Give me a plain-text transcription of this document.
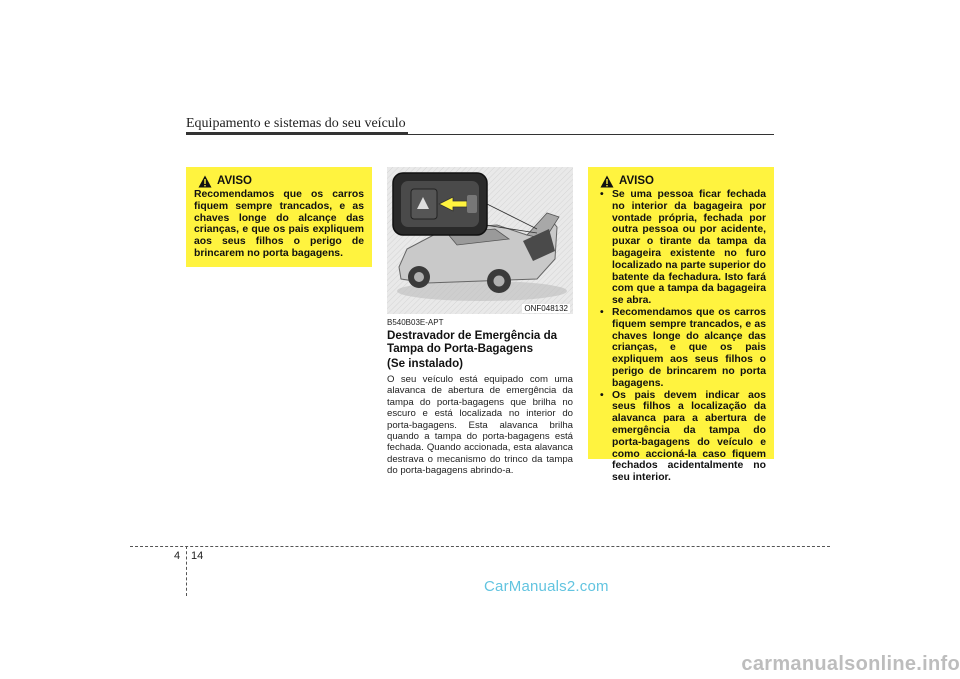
Equipamento e sistemas do seu veículo
AVISO
Recomendamos que os carros fiquem sempre trancados, e as chaves longe do alcançe das crianças, e que os pais expliquem aos seus filhos o perigo de brincarem no porta bagagens.
ONF048132
B540B03E-APT
Destravador de Emergência da Tampa do Porta-Bagagens
(Se instalado)
O seu veículo está equipado com uma alavanca de abertura de emergência da tampa do porta-bagagens que brilha no escuro e está localizada no interior do porta-bagagens. Esta alavanca brilha quando a tampa do porta-bagagens está fechada. Quando accionada, esta alavanca destrava o mecanismo do trinco da tampa do porta-bagagens abrindo-a.
AVISO
• Se uma pessoa ficar fechada no interior da bagageira por vontade própria, fechada por outra pessoa ou por acidente, puxar o tirante da tampa da bagageira existente no furo localizado na parte superior do batente da fechadura. Isto fará com que a tampa da bagageira se abra.
• Recomendamos que os carros fiquem sempre trancados, e as chaves longe do alcançe das crianças, e que os pais expliquem aos seus filhos o perigo de brincarem no porta bagagens.
• Os pais devem indicar aos seus filhos a localização da alavanca para a abertura de emergência da tampa do porta-bagagens do veículo e como accioná-la caso fiquem fechados acidentalmente no seu interior.
4 14
CarManuals2.com
carmanualsonline.info
